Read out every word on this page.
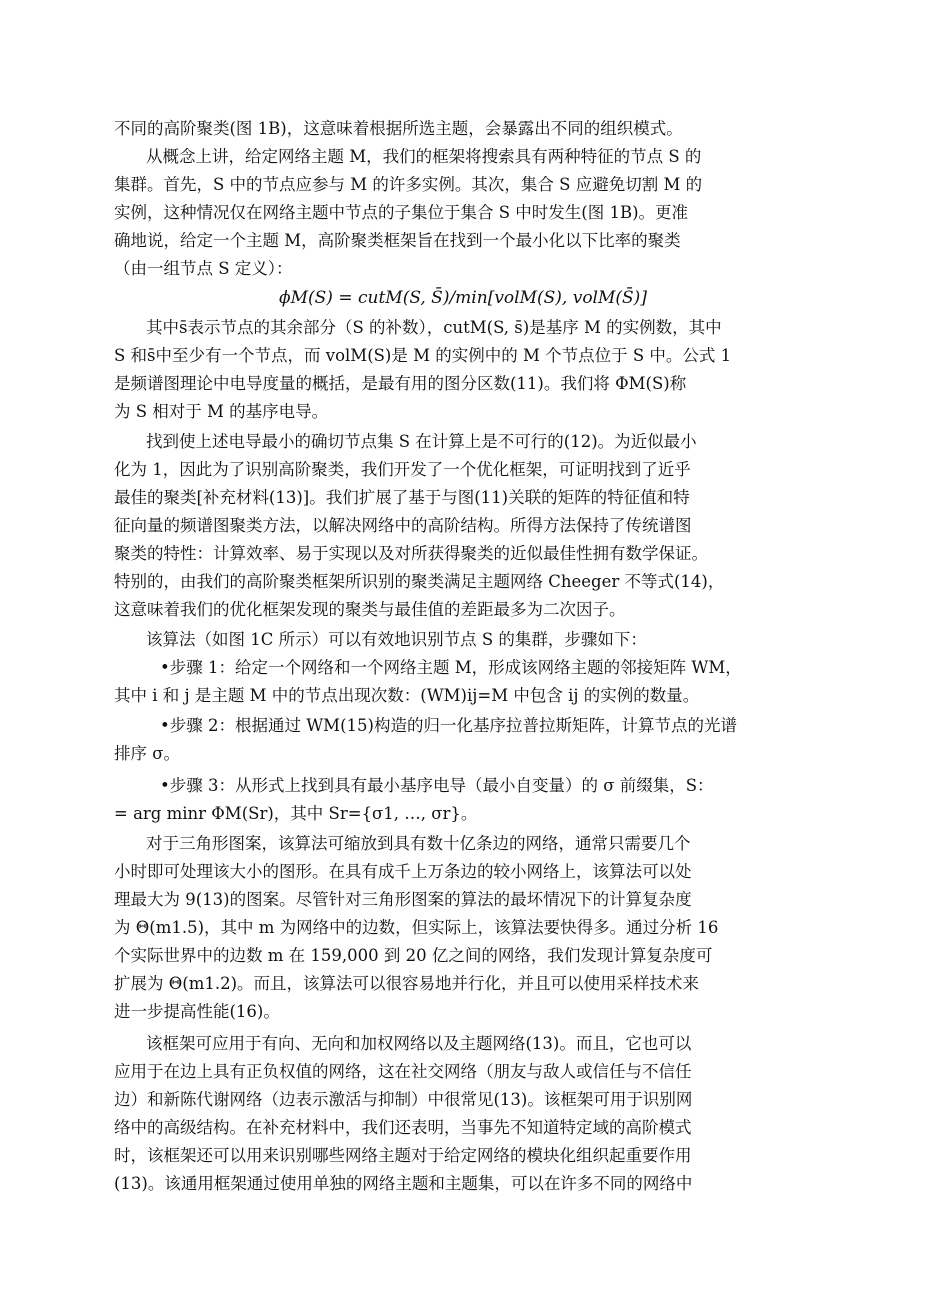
不同的高阶聚类(图 1B)，这意味着根据所选主题，会暴露出不同的组织模式。
从概念上讲，给定网络主题 M，我们的框架将搜索具有两种特征的节点 S 的
集群。首先，S 中的节点应参与 M 的许多实例。其次，集合 S 应避免切割 M 的
实例，这种情况仅在网络主题中节点的子集位于集合 S 中时发生(图 1B)。更准
确地说，给定一个主题 M，高阶聚类框架旨在找到一个最小化以下比率的聚类
（由一组节点 S 定义）：
ϕM(S) = cutM(S, S̄)/min[volM(S), volM(S̄)]
其中s̄表示节点的其余部分（S 的补数），cutM(S, s̄)是基序 M 的实例数，其中
S 和s̄中至少有一个节点，而 volM(S)是 M 的实例中的 M 个节点位于 S 中。公式 1
是频谱图理论中电导度量的概括，是最有用的图分区数(11)。我们将 ΦM(S)称
为 S 相对于 M 的基序电导。
找到使上述电导最小的确切节点集 S 在计算上是不可行的(12)。为近似最小
化为 1，因此为了识别高阶聚类，我们开发了一个优化框架，可证明找到了近乎
最佳的聚类[补充材料(13)]。我们扩展了基于与图(11)关联的矩阵的特征值和特
征向量的频谱图聚类方法，以解决网络中的高阶结构。所得方法保持了传统谱图
聚类的特性：计算效率、易于实现以及对所获得聚类的近似最佳性拥有数学保证。
特别的，由我们的高阶聚类框架所识别的聚类满足主题网络 Cheeger 不等式(14)，
这意味着我们的优化框架发现的聚类与最佳值的差距最多为二次因子。
该算法（如图 1C 所示）可以有效地识别节点 S 的集群，步骤如下：
•步骤 1：给定一个网络和一个网络主题 M，形成该网络主题的邻接矩阵 WM，
其中 i 和 j 是主题 M 中的节点出现次数：(WM)ij=M 中包含 ij 的实例的数量。
•步骤 2：根据通过 WM(15)构造的归一化基序拉普拉斯矩阵，计算节点的光谱
排序 σ。
•步骤 3：从形式上找到具有最小基序电导（最小自变量）的 σ 前缀集，S：
= arg minr ΦM(Sr)，其中 Sr={σ1, …, σr}。
对于三角形图案，该算法可缩放到具有数十亿条边的网络，通常只需要几个
小时即可处理该大小的图形。在具有成千上万条边的较小网络上，该算法可以处
理最大为 9(13)的图案。尽管针对三角形图案的算法的最坏情况下的计算复杂度
为 Θ(m1.5)，其中 m 为网络中的边数，但实际上，该算法要快得多。通过分析 16
个实际世界中的边数 m 在 159,000 到 20 亿之间的网络，我们发现计算复杂度可
扩展为 Θ(m1.2)。而且，该算法可以很容易地并行化，并且可以使用采样技术来
进一步提高性能(16)。
该框架可应用于有向、无向和加权网络以及主题网络(13)。而且，它也可以
应用于在边上具有正负权值的网络，这在社交网络（朋友与敌人或信任与不信任
边）和新陈代谢网络（边表示激活与抑制）中很常见(13)。该框架可用于识别网
络中的高级结构。在补充材料中，我们还表明，当事先不知道特定域的高阶模式
时，该框架还可以用来识别哪些网络主题对于给定网络的模块化组织起重要作用
(13)。该通用框架通过使用单独的网络主题和主题集，可以在许多不同的网络中
